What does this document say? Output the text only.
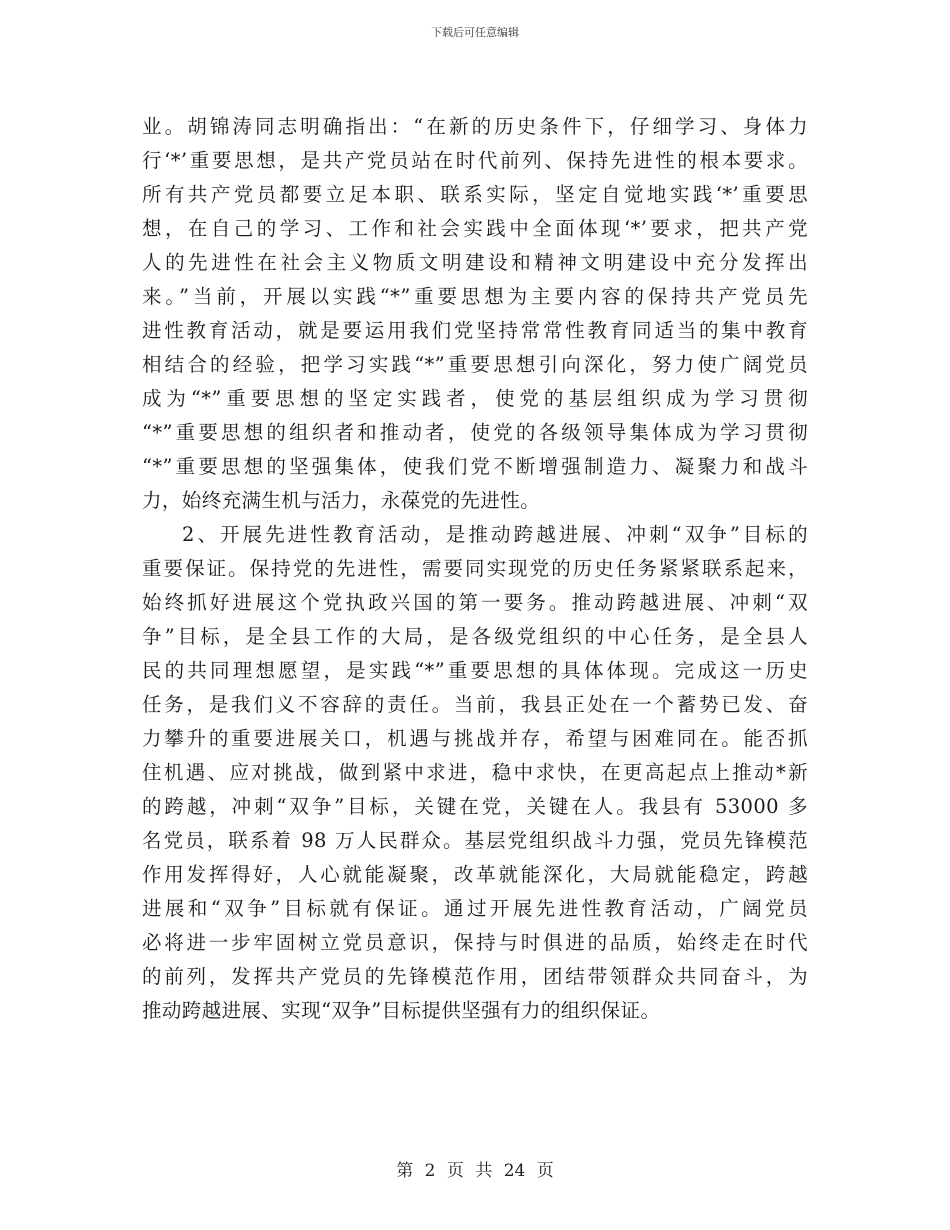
下载后可任意编辑
业。胡锦涛同志明确指出：“在新的历史条件下，仔细学习、身体力
行‘*’重要思想，是共产党员站在时代前列、保持先进性的根本要求。
所有共产党员都要立足本职、联系实际，坚定自觉地实践‘*’重要思
想，在自己的学习、工作和社会实践中全面体现‘*’要求，把共产党
人的先进性在社会主义物质文明建设和精神文明建设中充分发挥出
来。”当前，开展以实践“*”重要思想为主要内容的保持共产党员先
进性教育活动，就是要运用我们党坚持常常性教育同适当的集中教育
相结合的经验，把学习实践“*”重要思想引向深化，努力使广阔党员
成为“*”重要思想的坚定实践者，使党的基层组织成为学习贯彻
“*”重要思想的组织者和推动者，使党的各级领导集体成为学习贯彻
“*”重要思想的坚强集体，使我们党不断增强制造力、凝聚力和战斗
力，始终充满生机与活力，永葆党的先进性。
2、开展先进性教育活动，是推动跨越进展、冲刺“双争”目标的
重要保证。保持党的先进性，需要同实现党的历史任务紧紧联系起来，
始终抓好进展这个党执政兴国的第一要务。推动跨越进展、冲刺“双
争”目标，是全县工作的大局，是各级党组织的中心任务，是全县人
民的共同理想愿望，是实践“*”重要思想的具体体现。完成这一历史
任务，是我们义不容辞的责任。当前，我县正处在一个蓄势已发、奋
力攀升的重要进展关口，机遇与挑战并存，希望与困难同在。能否抓
住机遇、应对挑战，做到紧中求进，稳中求快，在更高起点上推动*新
的跨越，冲刺“双争”目标，关键在党，关键在人。我县有 53000 多
名党员，联系着 98 万人民群众。基层党组织战斗力强，党员先锋模范
作用发挥得好，人心就能凝聚，改革就能深化，大局就能稳定，跨越
进展和“双争”目标就有保证。通过开展先进性教育活动，广阔党员
必将进一步牢固树立党员意识，保持与时俱进的品质，始终走在时代
的前列，发挥共产党员的先锋模范作用，团结带领群众共同奋斗，为
推动跨越进展、实现“双争”目标提供坚强有力的组织保证。
第 2 页 共 24 页
